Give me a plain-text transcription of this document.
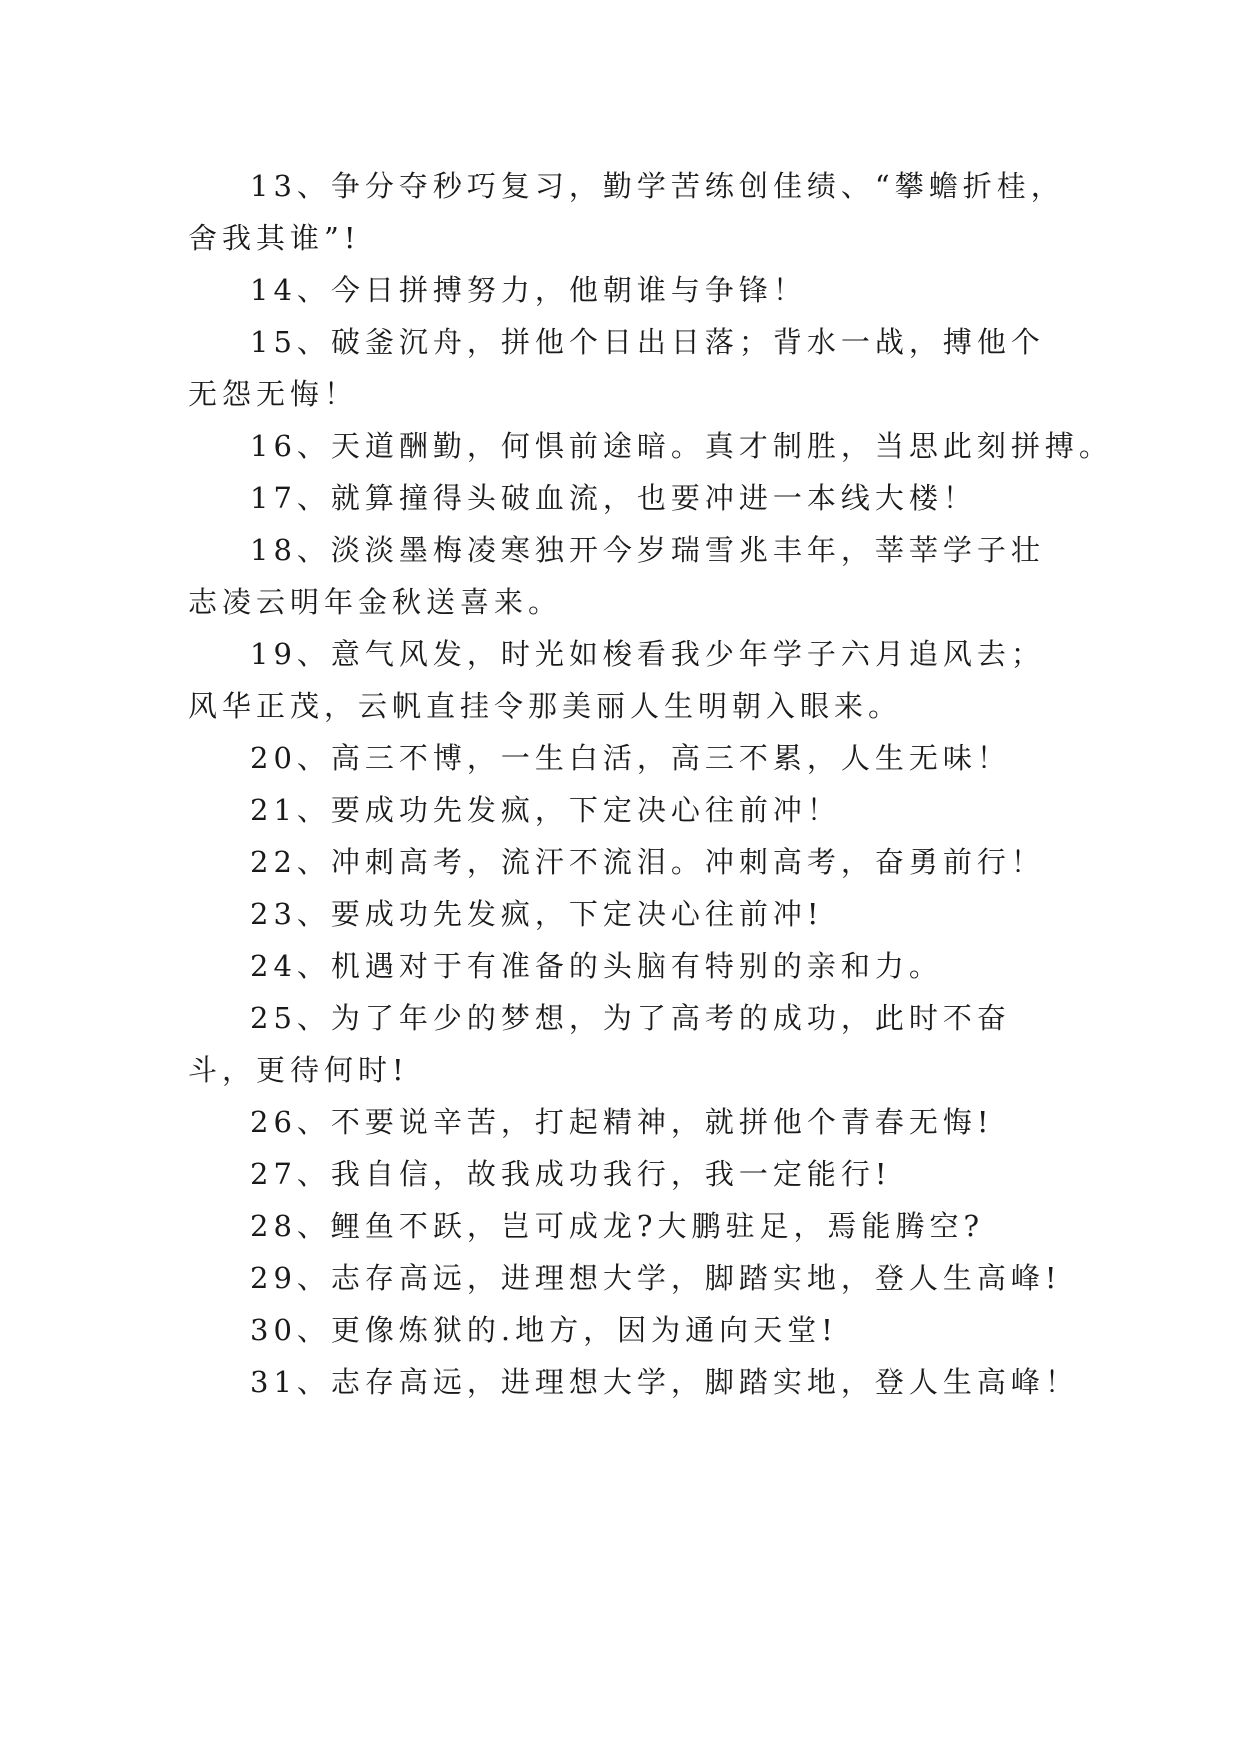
13、争分夺秒巧复习，勤学苦练创佳绩、“攀蟾折桂，舍我其谁”!

14、今日拼搏努力，他朝谁与争锋！

15、破釜沉舟，拼他个日出日落；背水一战，搏他个无怨无悔！

16、天道酬勤，何惧前途暗。真才制胜，当思此刻拼搏。

17、就算撞得头破血流，也要冲进一本线大楼！

18、淡淡墨梅凌寒独开今岁瑞雪兆丰年，莘莘学子壮志凌云明年金秋送喜来。

19、意气风发，时光如梭看我少年学子六月追风去；风华正茂，云帆直挂令那美丽人生明朝入眼来。

20、高三不博，一生白活，高三不累，人生无味！

21、要成功先发疯，下定决心往前冲！

22、冲刺高考，流汗不流泪。冲刺高考，奋勇前行！

23、要成功先发疯，下定决心往前冲!

24、机遇对于有准备的头脑有特别的亲和力。

25、为了年少的梦想，为了高考的成功，此时不奋斗，更待何时!

26、不要说辛苦，打起精神，就拼他个青春无悔!

27、我自信，故我成功我行，我一定能行!

28、鲤鱼不跃，岂可成龙?大鹏驻足，焉能腾空?

29、志存高远，进理想大学，脚踏实地，登人生高峰!

30、更像炼狱的.地方，因为通向天堂!

31、志存高远，进理想大学，脚踏实地，登人生高峰！
